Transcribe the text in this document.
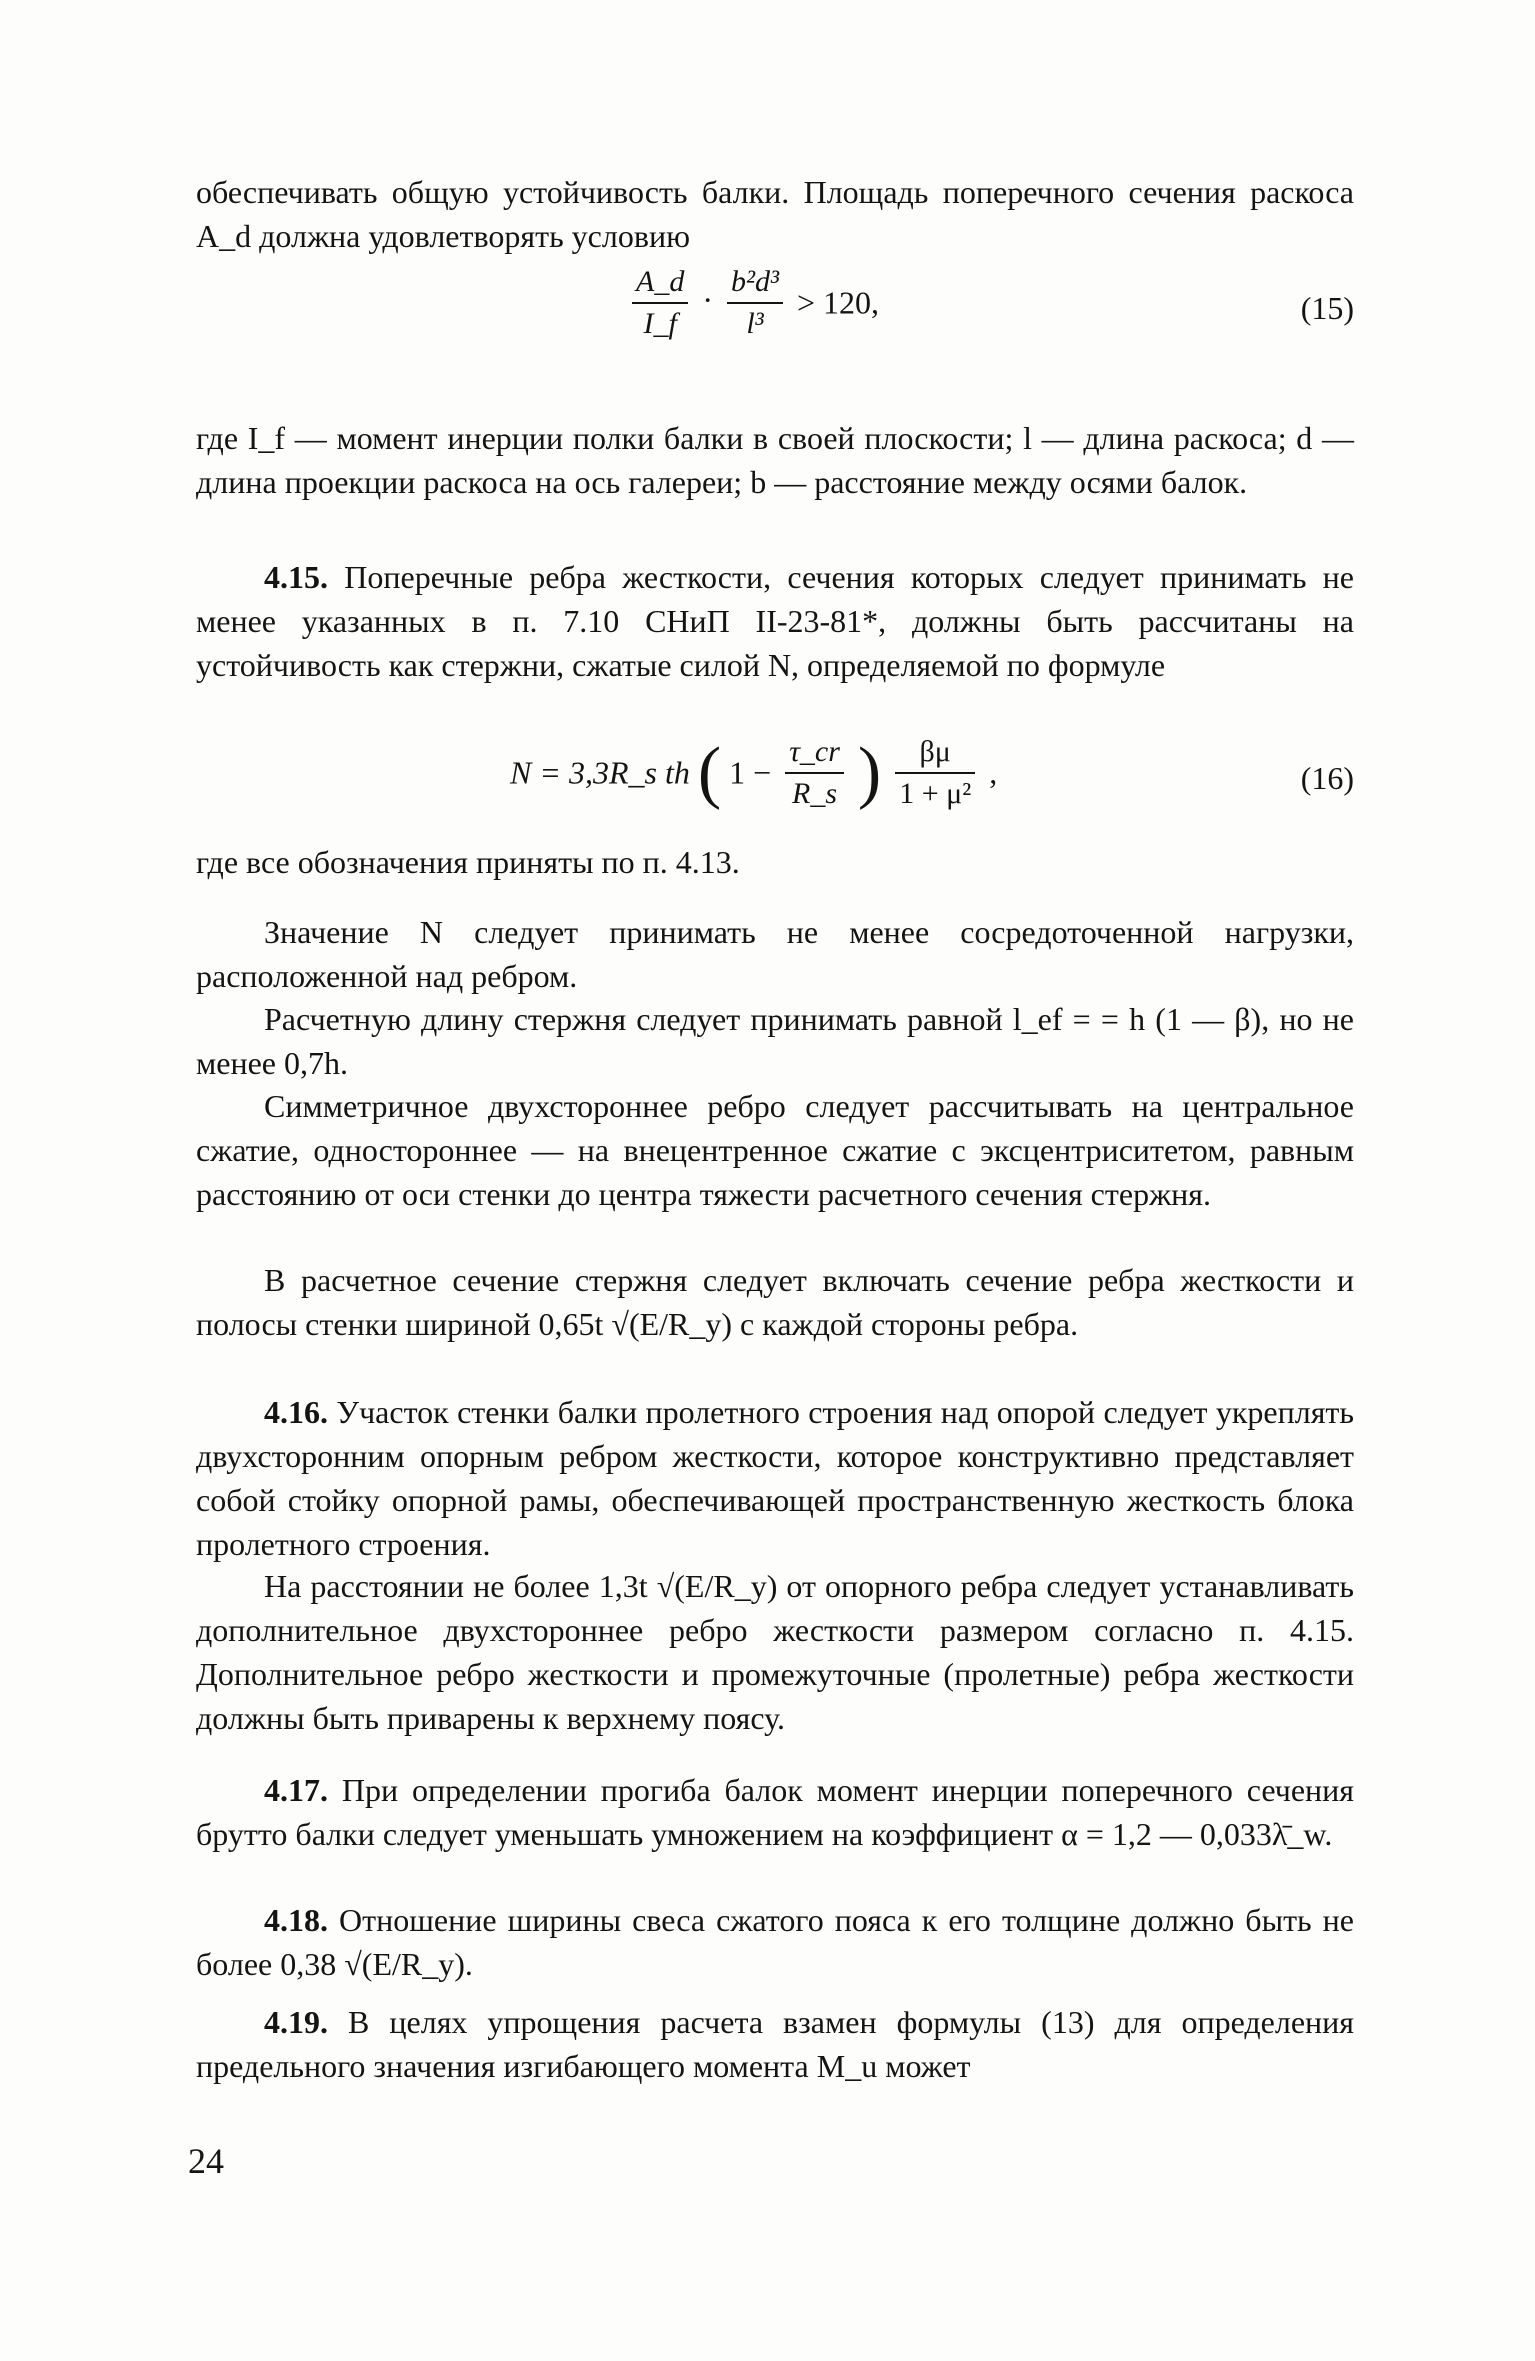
обеспечивать общую устойчивость балки. Площадь поперечного сечения раскоса A_d должна удовлетворять условию

$\frac{A\_d}{I\_f} \cdot \frac{\text{b²d³}}{\text{l³}} > 120$,	(15)

где I_f — момент инерции полки балки в своей плоскости; l — длина раскоса; d — длина проекции раскоса на ось галереи; b — расстояние между осями балок.

4.15. Поперечные ребра жесткости, сечения которых следует принимать не менее указанных в п. 7.10 СНиП II-23-81*, должны быть рассчитаны на устойчивость как стержни, сжатые силой N, определяемой по формуле

N = 3,3R_s th ( $1 - \frac{\tau\_cr}{R\_s}$ ) $\frac{\beta\mu}{\text{1 + μ²}}$ ,	(16)

где все обозначения приняты по п. 4.13.

Значение N следует принимать не менее сосредоточенной нагрузки, расположенной над ребром.

Расчетную длину стержня следует принимать равной l_ef = = h (1 — β), но не менее 0,7h.

Симметричное двухстороннее ребро следует рассчитывать на центральное сжатие, одностороннее — на внецентренное сжатие с эксцентриситетом, равным расстоянию от оси стенки до центра тяжести расчетного сечения стержня.

В расчетное сечение стержня следует включать сечение ребра жесткости и полосы стенки шириной 0,65t √(E/R_y) с каждой стороны ребра.

4.16. Участок стенки балки пролетного строения над опорой следует укреплять двухсторонним опорным ребром жесткости, которое конструктивно представляет собой стойку опорной рамы, обеспечивающей пространственную жесткость блока пролетного строения.

На расстоянии не более 1,3t √(E/R_y) от опорного ребра следует устанавливать дополнительное двухстороннее ребро жесткости размером согласно п. 4.15. Дополнительное ребро жесткости и промежуточные (пролетные) ребра жесткости должны быть приварены к верхнему поясу.

4.17. При определении прогиба балок момент инерции поперечного сечения брутто балки следует уменьшать умножением на коэффициент α = 1,2 — 0,033λ̄_w.

4.18. Отношение ширины свеса сжатого пояса к его толщине должно быть не более 0,38 √(E/R_y).

4.19. В целях упрощения расчета взамен формулы (13) для определения предельного значения изгибающего момента M_u может

24
